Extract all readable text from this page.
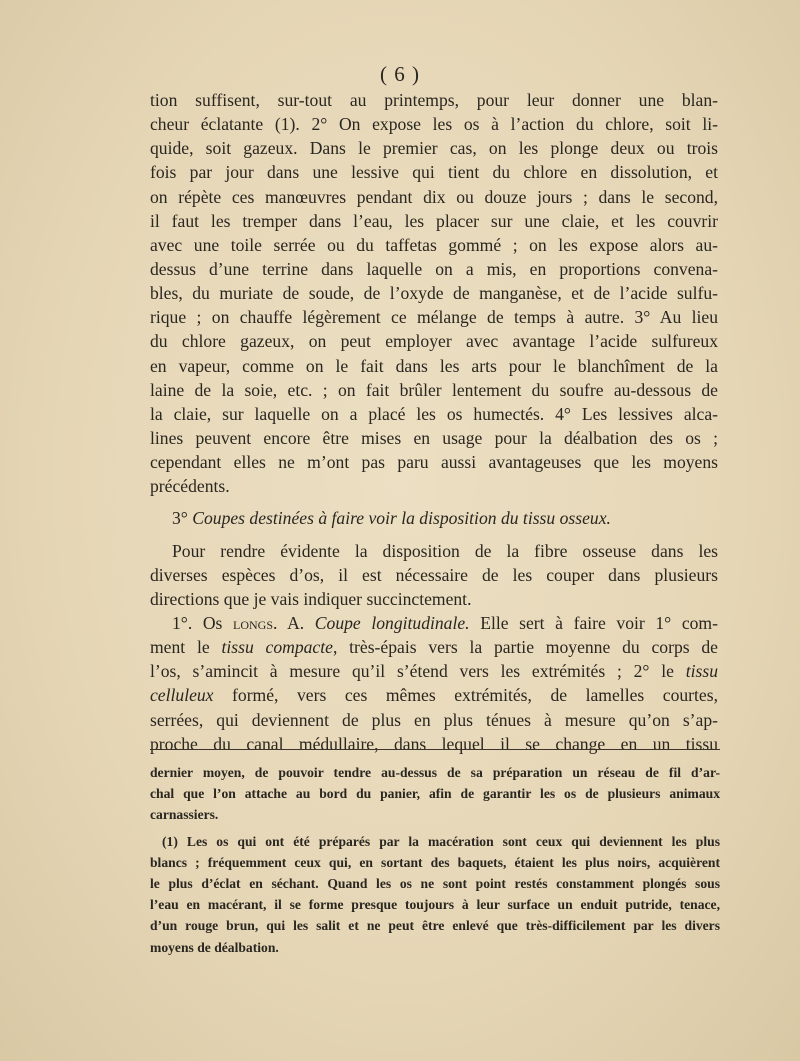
( 6 )
tion suffisent, sur-tout au printemps, pour leur donner une blan-
cheur éclatante (1). 2° On expose les os à l’action du chlore, soit li-
quide, soit gazeux. Dans le premier cas, on les plonge deux ou trois
fois par jour dans une lessive qui tient du chlore en dissolution, et
on répète ces manœuvres pendant dix ou douze jours ; dans le second,
il faut les tremper dans l’eau, les placer sur une claie, et les couvrir
avec une toile serrée ou du taffetas gommé ; on les expose alors au-
dessus d’une terrine dans laquelle on a mis, en proportions convena-
bles, du muriate de soude, de l’oxyde de manganèse, et de l’acide sulfu-
rique ; on chauffe légèrement ce mélange de temps à autre. 3° Au lieu
du chlore gazeux, on peut employer avec avantage l’acide sulfureux
en vapeur, comme on le fait dans les arts pour le blanchîment de la
laine de la soie, etc. ; on fait brûler lentement du soufre au-dessous de
la claie, sur laquelle on a placé les os humectés. 4° Les lessives alca-
lines peuvent encore être mises en usage pour la déalbation des os ;
cependant elles ne m’ont pas paru aussi avantageuses que les moyens
précédents.
3° Coupes destinées à faire voir la disposition du tissu osseux.
Pour rendre évidente la disposition de la fibre osseuse dans les
diverses espèces d’os, il est nécessaire de les couper dans plusieurs
directions que je vais indiquer succinctement.
1°. Os longs. A. Coupe longitudinale. Elle sert à faire voir 1° com-
ment le tissu compacte, très-épais vers la partie moyenne du corps de
l’os, s’amincit à mesure qu’il s’étend vers les extrémités ; 2° le tissu
celluleux formé, vers ces mêmes extrémités, de lamelles courtes,
serrées, qui deviennent de plus en plus ténues à mesure qu’on s’ap-
proche du canal médullaire, dans lequel il se change en un tissu
dernier moyen, de pouvoir tendre au-dessus de sa préparation un réseau de fil d’ar-
chal que l’on attache au bord du panier, afin de garantir les os de plusieurs animaux
carnassiers.
(1) Les os qui ont été préparés par la macération sont ceux qui deviennent les plus
blancs ; fréquemment ceux qui, en sortant des baquets, étaient les plus noirs, acquièrent
le plus d’éclat en séchant. Quand les os ne sont point restés constamment plongés sous
l’eau en macérant, il se forme presque toujours à leur surface un enduit putride, tenace,
d’un rouge brun, qui les salit et ne peut être enlevé que très-difficilement par les divers
moyens de déalbation.
